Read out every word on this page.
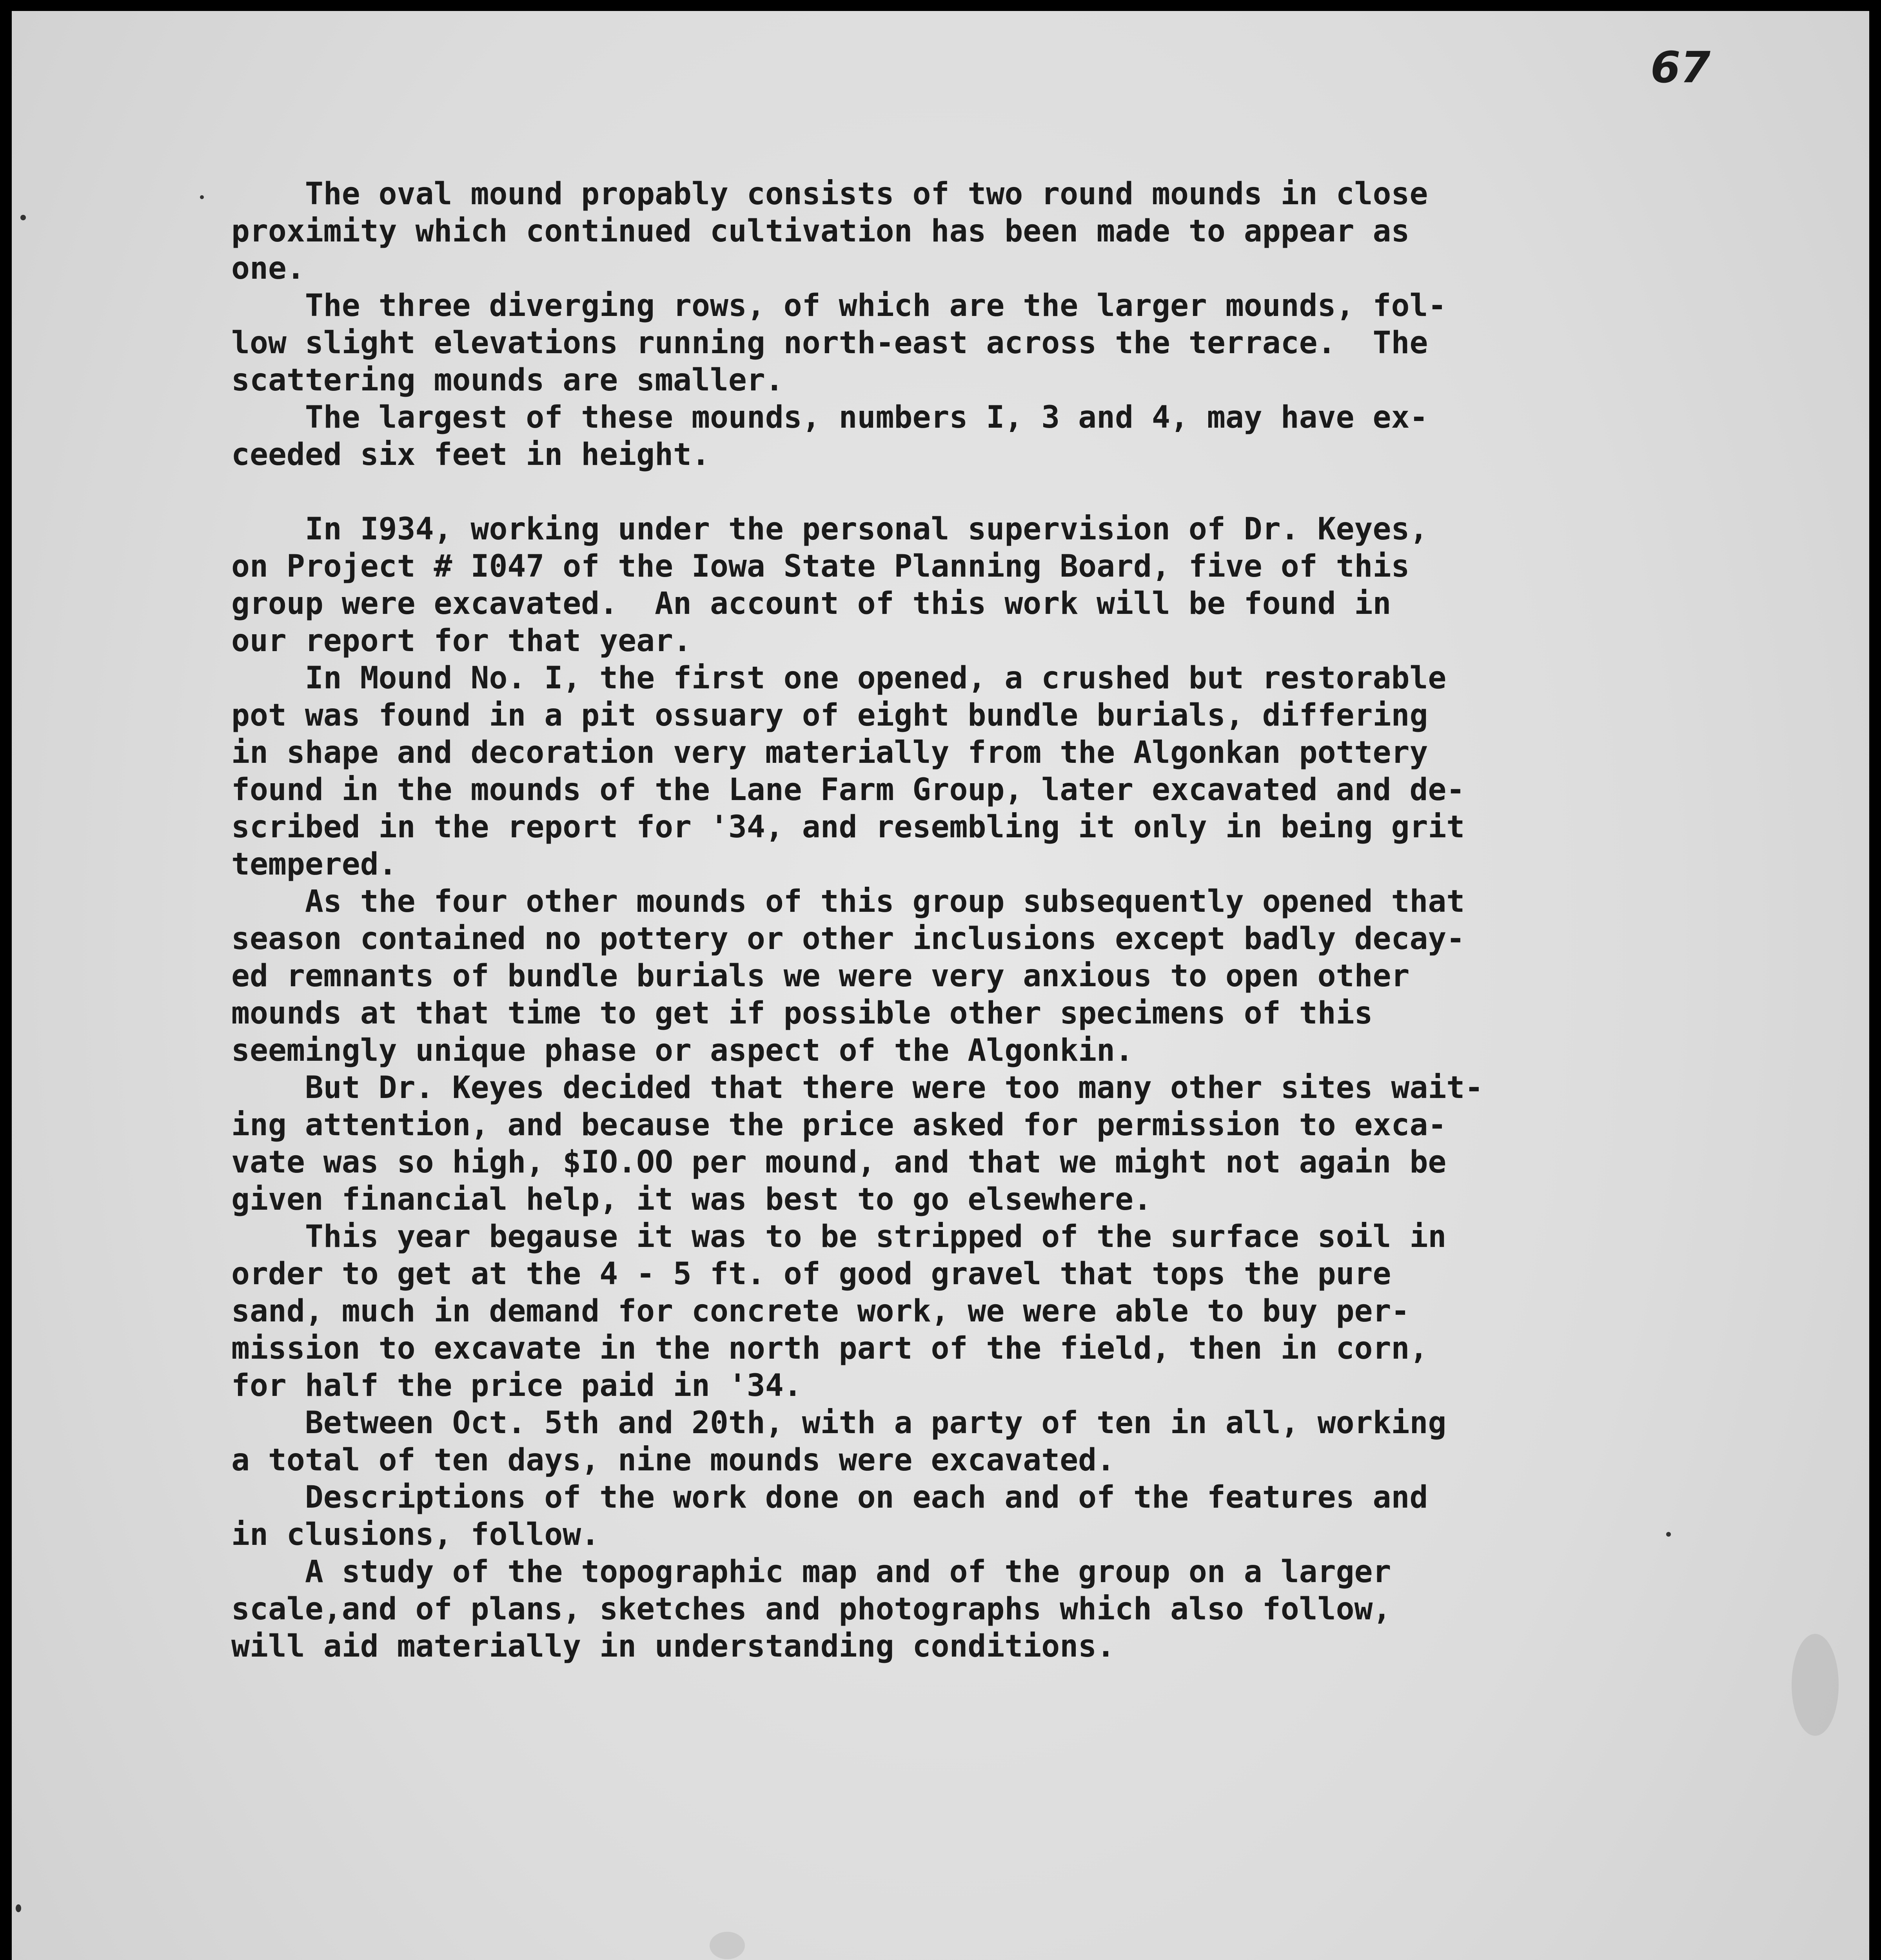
67
The oval mound propably consists of two round mounds in close
proximity which continued cultivation has been made to appear as
one.
The three diverging rows, of which are the larger mounds, fol-
low slight elevations running north-east across the terrace.  The
scattering mounds are smaller.
The largest of these mounds, numbers I, 3 and 4, may have ex-
ceeded six feet in height.
In I934, working under the personal supervision of Dr. Keyes,
on Project # I047 of the Iowa State Planning Board, five of this
group were excavated.  An account of this work will be found in
our report for that year.
In Mound No. I, the first one opened, a crushed but restorable
pot was found in a pit ossuary of eight bundle burials, differing
in shape and decoration very materially from the Algonkan pottery
found in the mounds of the Lane Farm Group, later excavated and de-
scribed in the report for '34, and resembling it only in being grit
tempered.
As the four other mounds of this group subsequently opened that
season contained no pottery or other inclusions except badly decay-
ed remnants of bundle burials we were very anxious to open other
mounds at that time to get if possible other specimens of this
seemingly unique phase or aspect of the Algonkin.
But Dr. Keyes decided that there were too many other sites wait-
ing attention, and because the price asked for permission to exca-
vate was so high, $IO.OO per mound, and that we might not again be
given financial help, it was best to go elsewhere.
This year begause it was to be stripped of the surface soil in
order to get at the 4 - 5 ft. of good gravel that tops the pure
sand, much in demand for concrete work, we were able to buy per-
mission to excavate in the north part of the field, then in corn,
for half the price paid in '34.
Between Oct. 5th and 20th, with a party of ten in all, working
a total of ten days, nine mounds were excavated.
Descriptions of the work done on each and of the features and
in clusions, follow.
A study of the topographic map and of the group on a larger
scale,and of plans, sketches and photographs which also follow,
will aid materially in understanding conditions.
